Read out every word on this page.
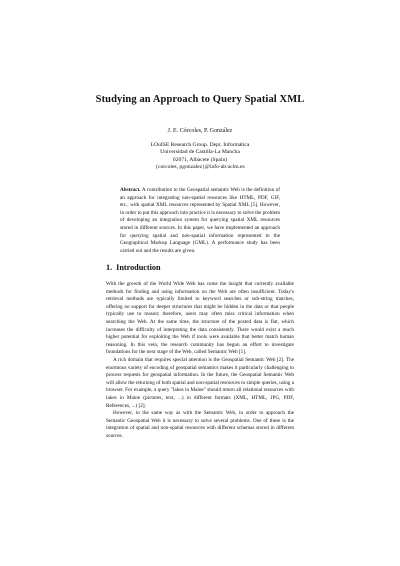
Studying an Approach to Query Spatial XML
J. E. Córcoles, P. González
LOuISE Research Group. Dept. Informática
Universidad de Castilla-La Mancha
02071, Albacete (Spain)
{corcoles, pgonzalez}@info-ab.uclm.es
Abstract. A contribution to the Geospatial semantic Web is the definition of an approach for integrating non-spatial resources like HTML, PDF, GIF, etc., with spatial XML resources represented by Spatial XML [5]. However, in order to put this approach into practice it is necessary to solve the problem of developing an integration system for querying spatial XML resources stored in different sources. In this paper, we have implemented an approach for querying spatial and non-spatial information represented in the Geographical Markup Language (GML). A performance study has been carried out and the results are given.
1. Introduction

With the growth of the World Wide Web has come the insight that currently available methods for finding and using information on the Web are often insufficient. Today's retrieval methods are typically limited to keyword searches or sub-string matches, offering no support for deeper structures that might be hidden in the data or that people typically use to reason; therefore, users may often miss critical information when searching the Web. At the same time, the structure of the posted data is flat, which increases the difficulty of interpreting the data consistently. There would exist a much higher potential for exploiting the Web if tools were available that better match human reasoning. In this vein, the research community has begun an effort to investigate foundations for the next stage of the Web, called Semantic Web [1].

A rich domain that requires special attention is the Geospatial Semantic Web [2]. The enormous variety of encoding of geospatial semantics makes it particularly challenging to process requests for geospatial information. In the future, the Geospatial Semantic Web will allow the returning of both spatial and non-spatial resources to simple queries, using a browser. For example, a query "lakes in Maine" should return all relational resources with lakes in Maine (pictures, text, ...) in different formats (XML, HTML, JPG, PDF, References, ...) [2].

However, in the same way as with the Semantic Web, in order to approach the Semantic Geospatial Web it is necessary to solve several problems. One of these is the integration of spatial and non-spatial resources with different schemas stored in different sources.
